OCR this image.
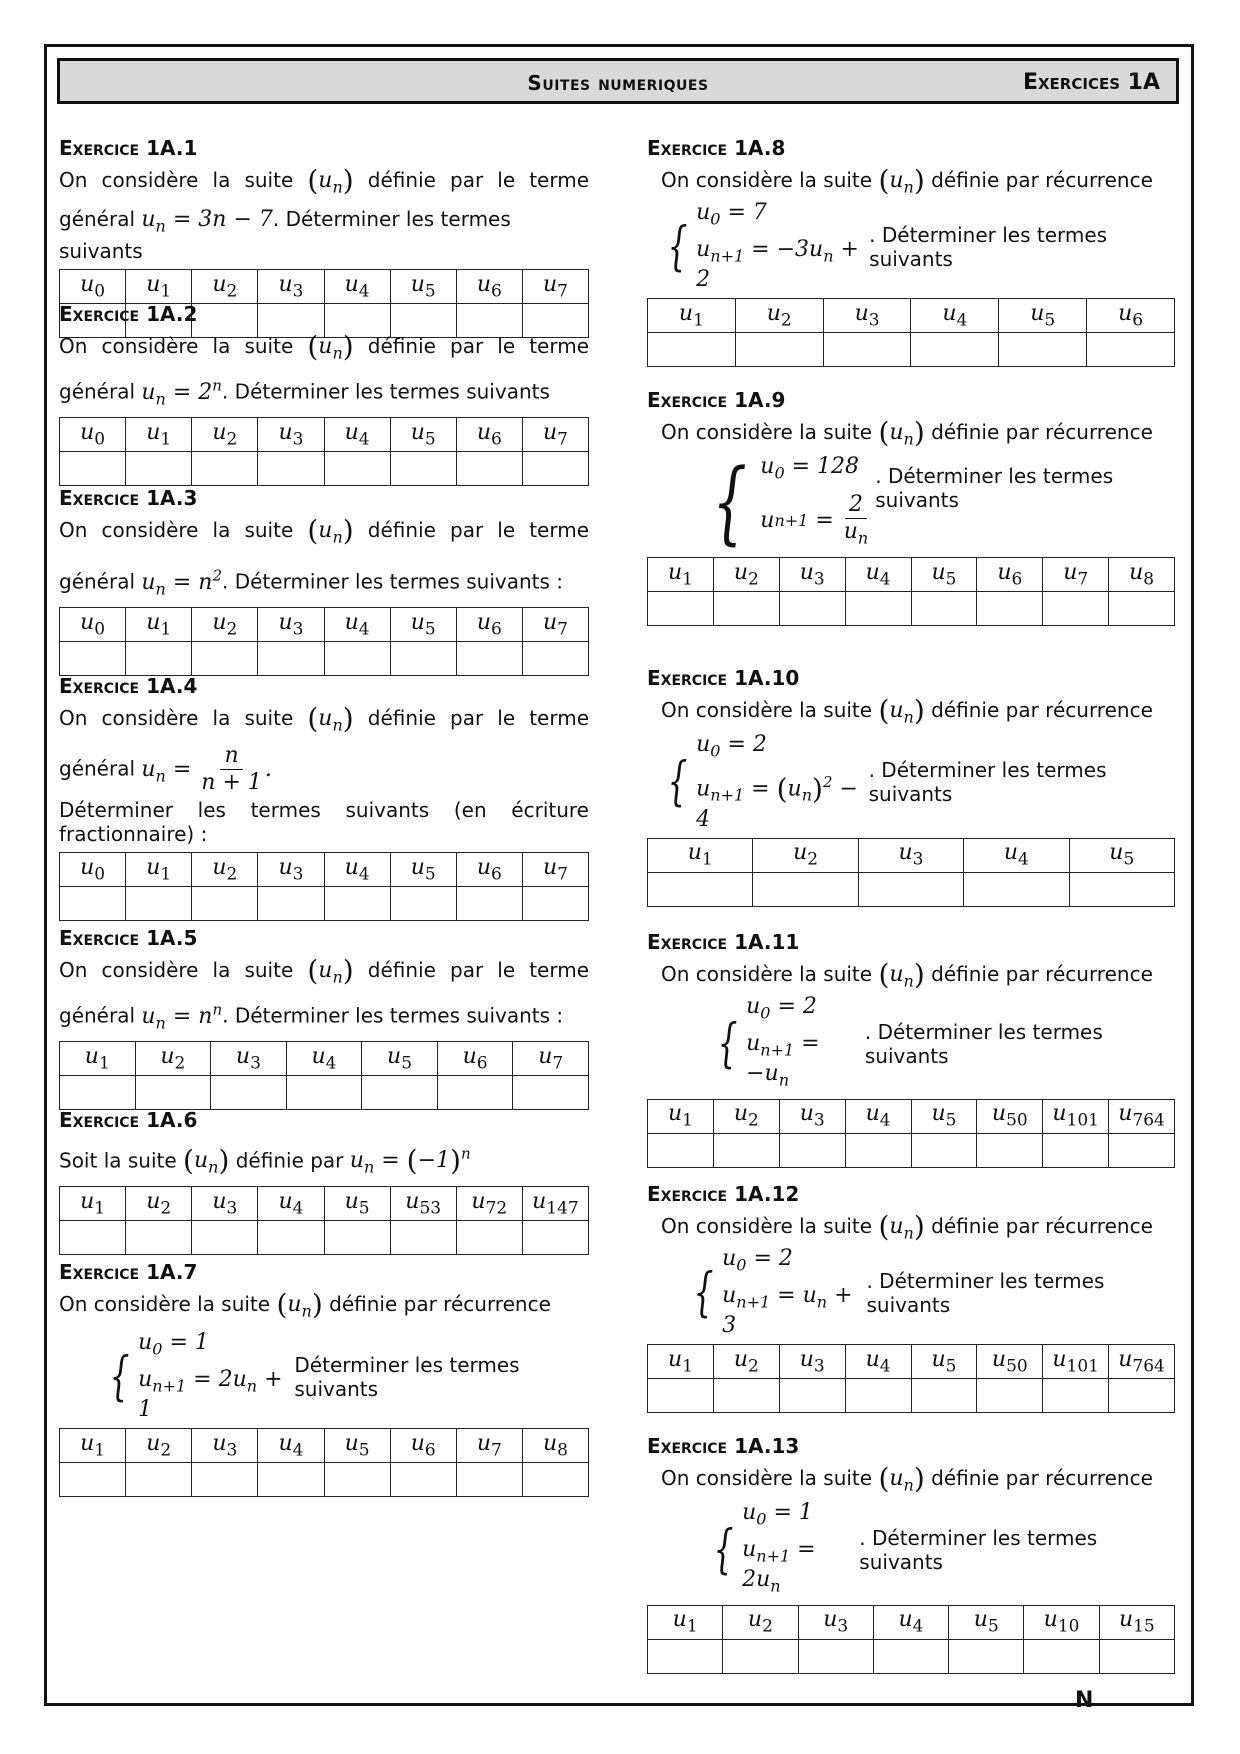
Suites numeriques	Exercices 1A
Exercice 1A.1
On considère la suite $(u_n)$ définie par le terme
général $u_n = 3n - 7$. Déterminer les termes suivants
$u_0$	$u_1$	$u_2$	$u_3$	$u_4$	$u_5$	$u_6$	$u_7$

Exercice 1A.2
On considère la suite $(u_n)$ définie par le terme
général $u_n = 2^n$. Déterminer les termes suivants
$u_0$	$u_1$	$u_2$	$u_3$	$u_4$	$u_5$	$u_6$	$u_7$

Exercice 1A.3
On considère la suite $(u_n)$ définie par le terme
général $u_n = n^2$. Déterminer les termes suivants :
$u_0$	$u_1$	$u_2$	$u_3$	$u_4$	$u_5$	$u_6$	$u_7$

Exercice 1A.4
On considère la suite $(u_n)$ définie par le terme
général $u_n = \frac{n}{n + 1}$ .
Déterminer les termes suivants (en écriture
fractionnaire) :
$u_0$	$u_1$	$u_2$	$u_3$	$u_4$	$u_5$	$u_6$	$u_7$

Exercice 1A.5
On considère la suite $(u_n)$ définie par le terme
général $u_n = n^n$. Déterminer les termes suivants :
$u_1$	$u_2$	$u_3$	$u_4$	$u_5$	$u_6$	$u_7$

Exercice 1A.6
Soit la suite $(u_n)$ définie par $u_n = (-1)^n$
$u_1$	$u_2$	$u_3$	$u_4$	$u_5$	$u_{53}$	$u_{72}$	$u_{147}$

Exercice 1A.7
On considère la suite $(u_n)$ définie par récurrence
{
$u_0 = 1$
$u_{n+1} = 2u_n + 1$
Déterminer les termes suivants
$u_1$	$u_2$	$u_3$	$u_4$	$u_5$	$u_6$	$u_7$	$u_8$

Exercice 1A.8
On considère la suite $(u_n)$ définie par récurrence
{
$u_0 = 7$
$u_{n+1} = -3u_n + 2$
. Déterminer les termes suivants
$u_1$	$u_2$	$u_3$	$u_4$	$u_5$	$u_6$

Exercice 1A.9
On considère la suite $(u_n)$ définie par récurrence
{ $u_0 = 128$
u $n+1 = \frac{2}{u_n}$
. Déterminer les termes suivants
$u_1$	$u_2$	$u_3$	$u_4$	$u_5$	$u_6$	$u_7$	$u_8$

Exercice 1A.10
On considère la suite $(u_n)$ définie par récurrence
{
$u_0 = 2$
$u_{n+1} = (u_n)^2 - 4$
. Déterminer les termes suivants
$u_1$	$u_2$	$u_3$	$u_4$	$u_5$

Exercice 1A.11
On considère la suite $(u_n)$ définie par récurrence
{
$u_0 = 2$
$u_{n+1} = -u_n$
. Déterminer les termes suivants
$u_1$	$u_2$	$u_3$	$u_4$	$u_5$	$u_{50}$	$u_{101}$	$u_{764}$

Exercice 1A.12
On considère la suite $(u_n)$ définie par récurrence
{
$u_0 = 2$
$u_{n+1} = u_n + 3$
. Déterminer les termes suivants
$u_1$	$u_2$	$u_3$	$u_4$	$u_5$	$u_{50}$	$u_{101}$	$u_{764}$

Exercice 1A.13
On considère la suite $(u_n)$ définie par récurrence
{
$u_0 = 1$
$u_{n+1} = 2u_n$
. Déterminer les termes suivants
$u_1$	$u_2$	$u_3$	$u_4$	$u_5$	$u_{10}$	$u_{15}$

N
